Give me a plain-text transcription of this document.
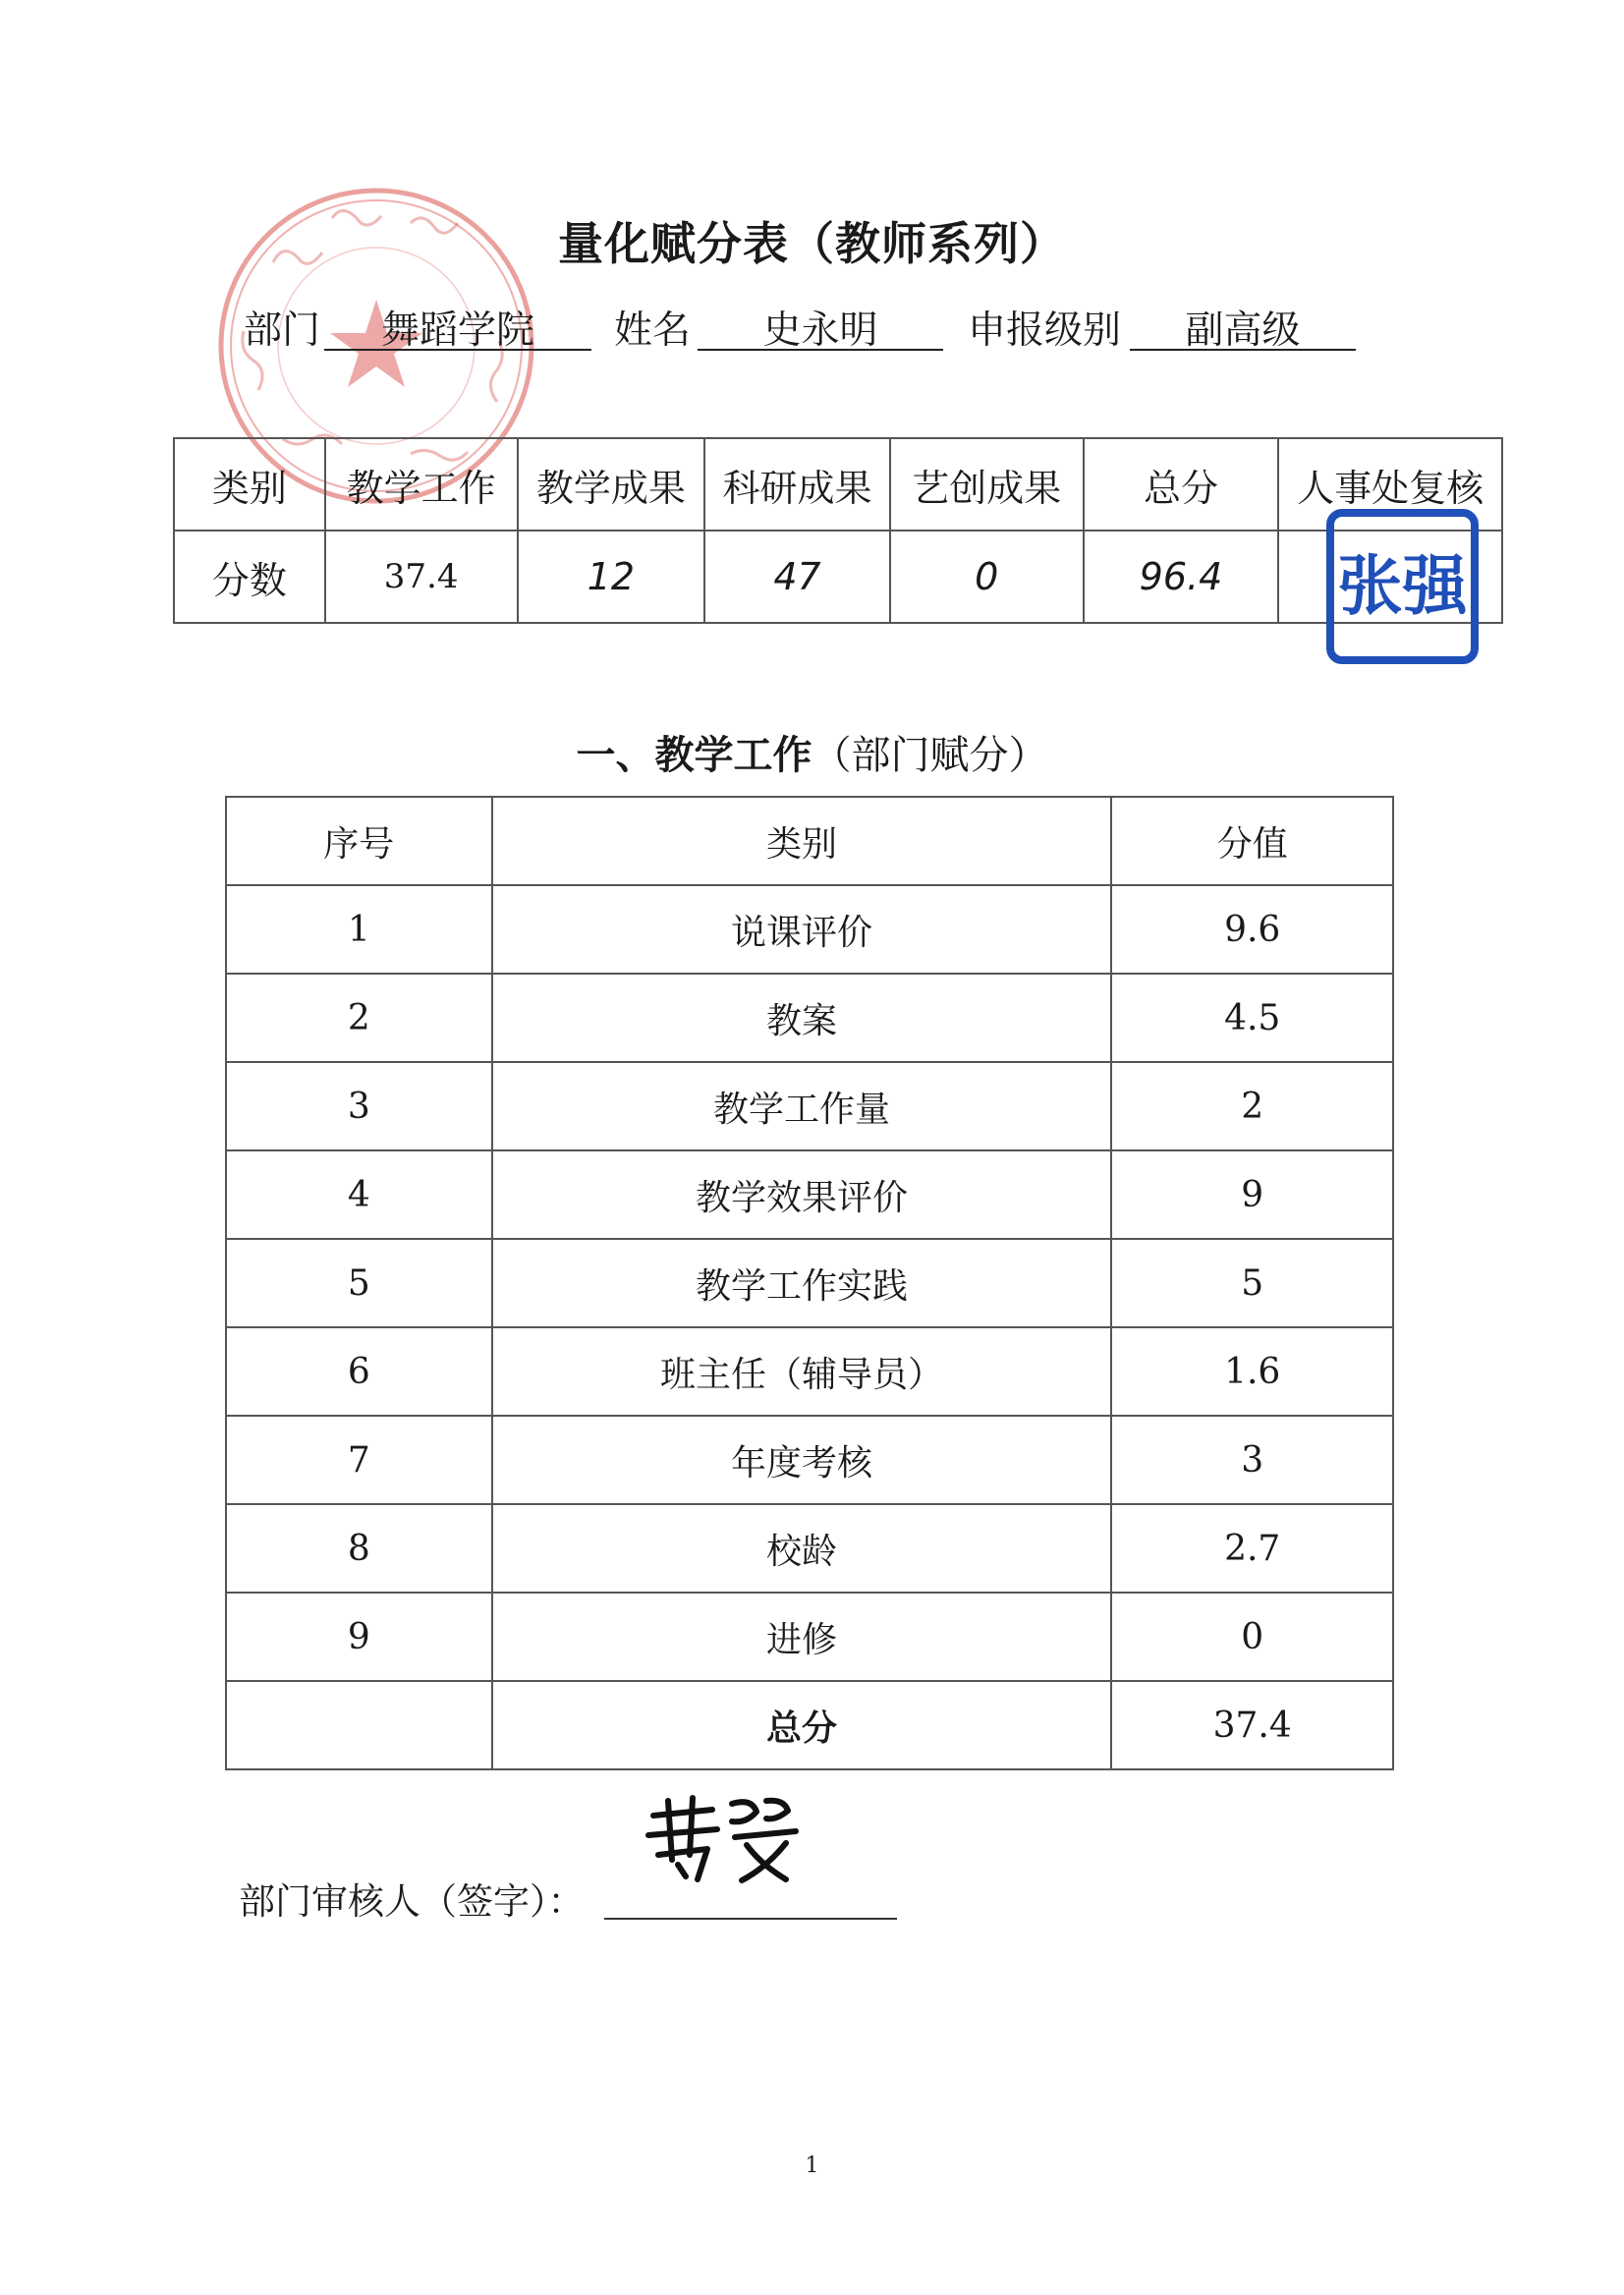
量化赋分表（教师系列）
部门	舞蹈学院	姓名	史永明	申报级别	副高级
类别	教学工作	教学成果	科研成果	艺创成果	总分	人事处复核
分数	37.4	12	47	0	96.4	张强
一、教学工作（部门赋分）
序号	类别	分值
1	说课评价	9.6
2	教案	4.5
3	教学工作量	2
4	教学效果评价	9
5	教学工作实践	5
6	班主任（辅导员）	1.6
7	年度考核	3
8	校龄	2.7
9	进修	0
	总分	37.4
部门审核人（签字）：
1
